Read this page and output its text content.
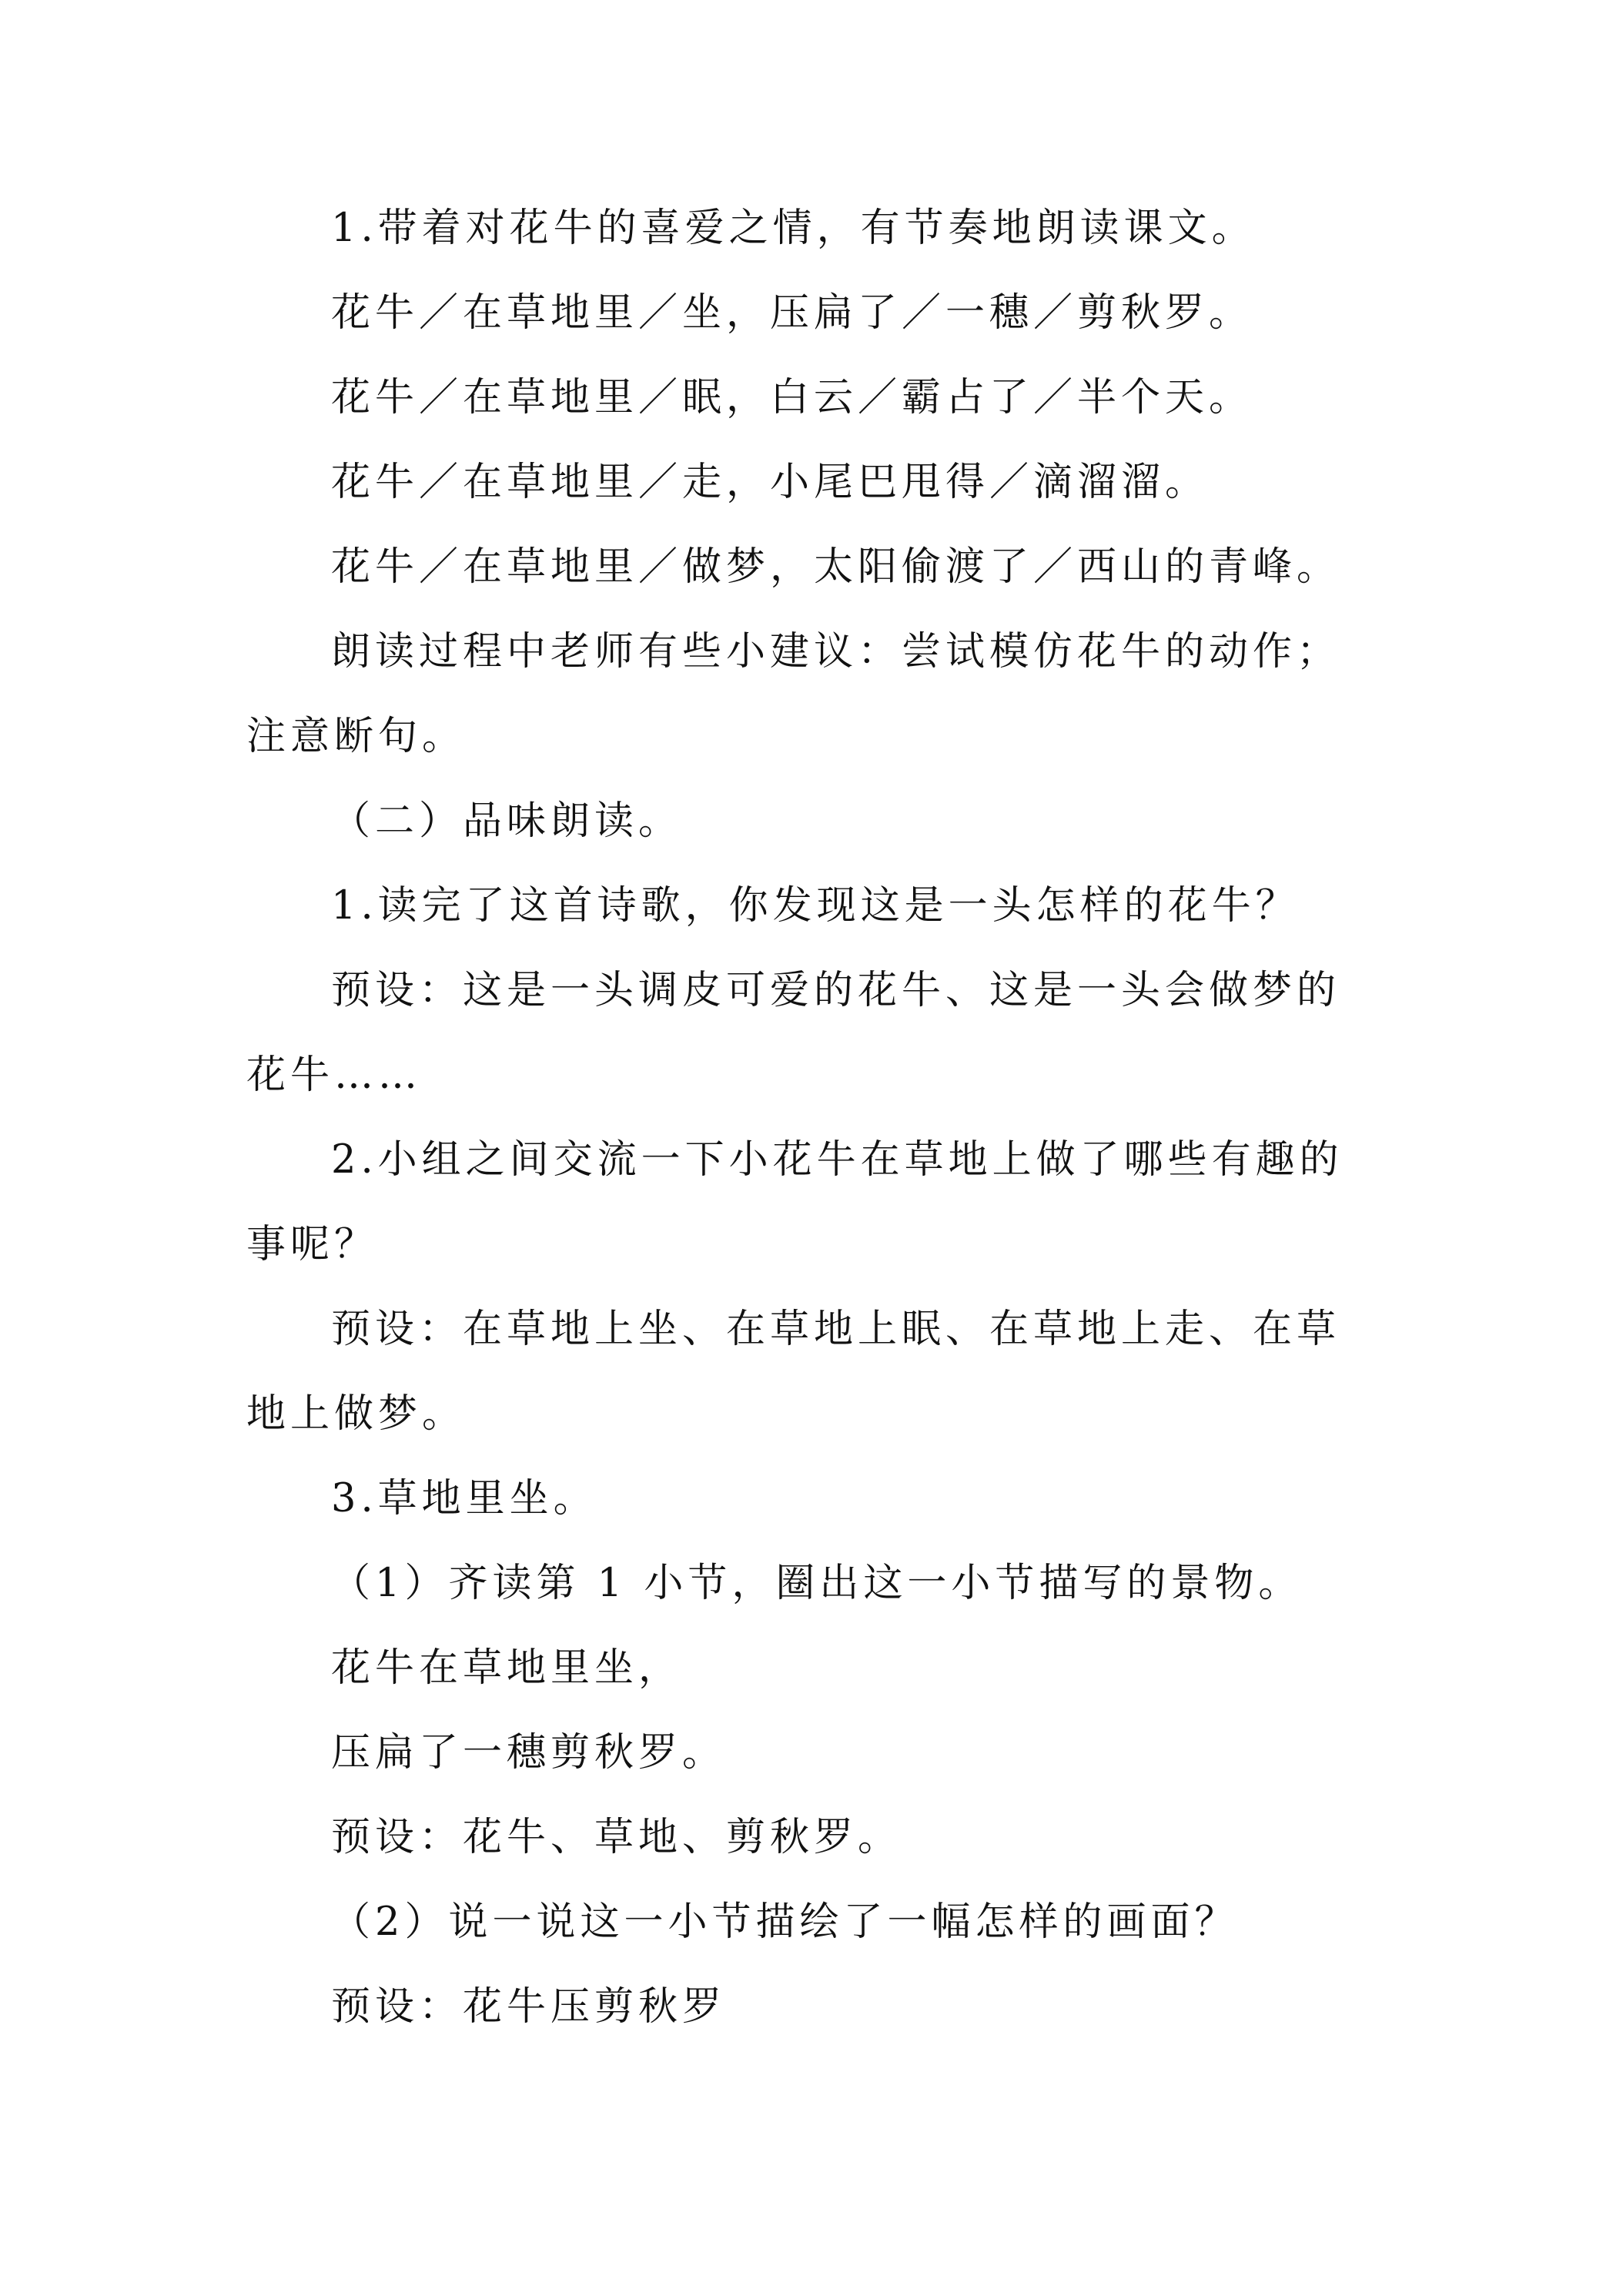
1.带着对花牛的喜爱之情，有节奏地朗读课文。

花牛／在草地里／坐，压扁了／一穗／剪秋罗。

花牛／在草地里／眠，白云／霸占了／半个天。

花牛／在草地里／走，小尾巴甩得／滴溜溜。

花牛／在草地里／做梦，太阳偷渡了／西山的青峰。

朗读过程中老师有些小建议：尝试模仿花牛的动作；注意断句。

（二）品味朗读。

1.读完了这首诗歌，你发现这是一头怎样的花牛？

预设：这是一头调皮可爱的花牛、这是一头会做梦的花牛……

2.小组之间交流一下小花牛在草地上做了哪些有趣的事呢？

预设：在草地上坐、在草地上眠、在草地上走、在草地上做梦。

3.草地里坐。

（1）齐读第 1 小节，圈出这一小节描写的景物。

花牛在草地里坐，

压扁了一穗剪秋罗。

预设：花牛、草地、剪秋罗。

（2）说一说这一小节描绘了一幅怎样的画面？

预设：花牛压剪秋罗
